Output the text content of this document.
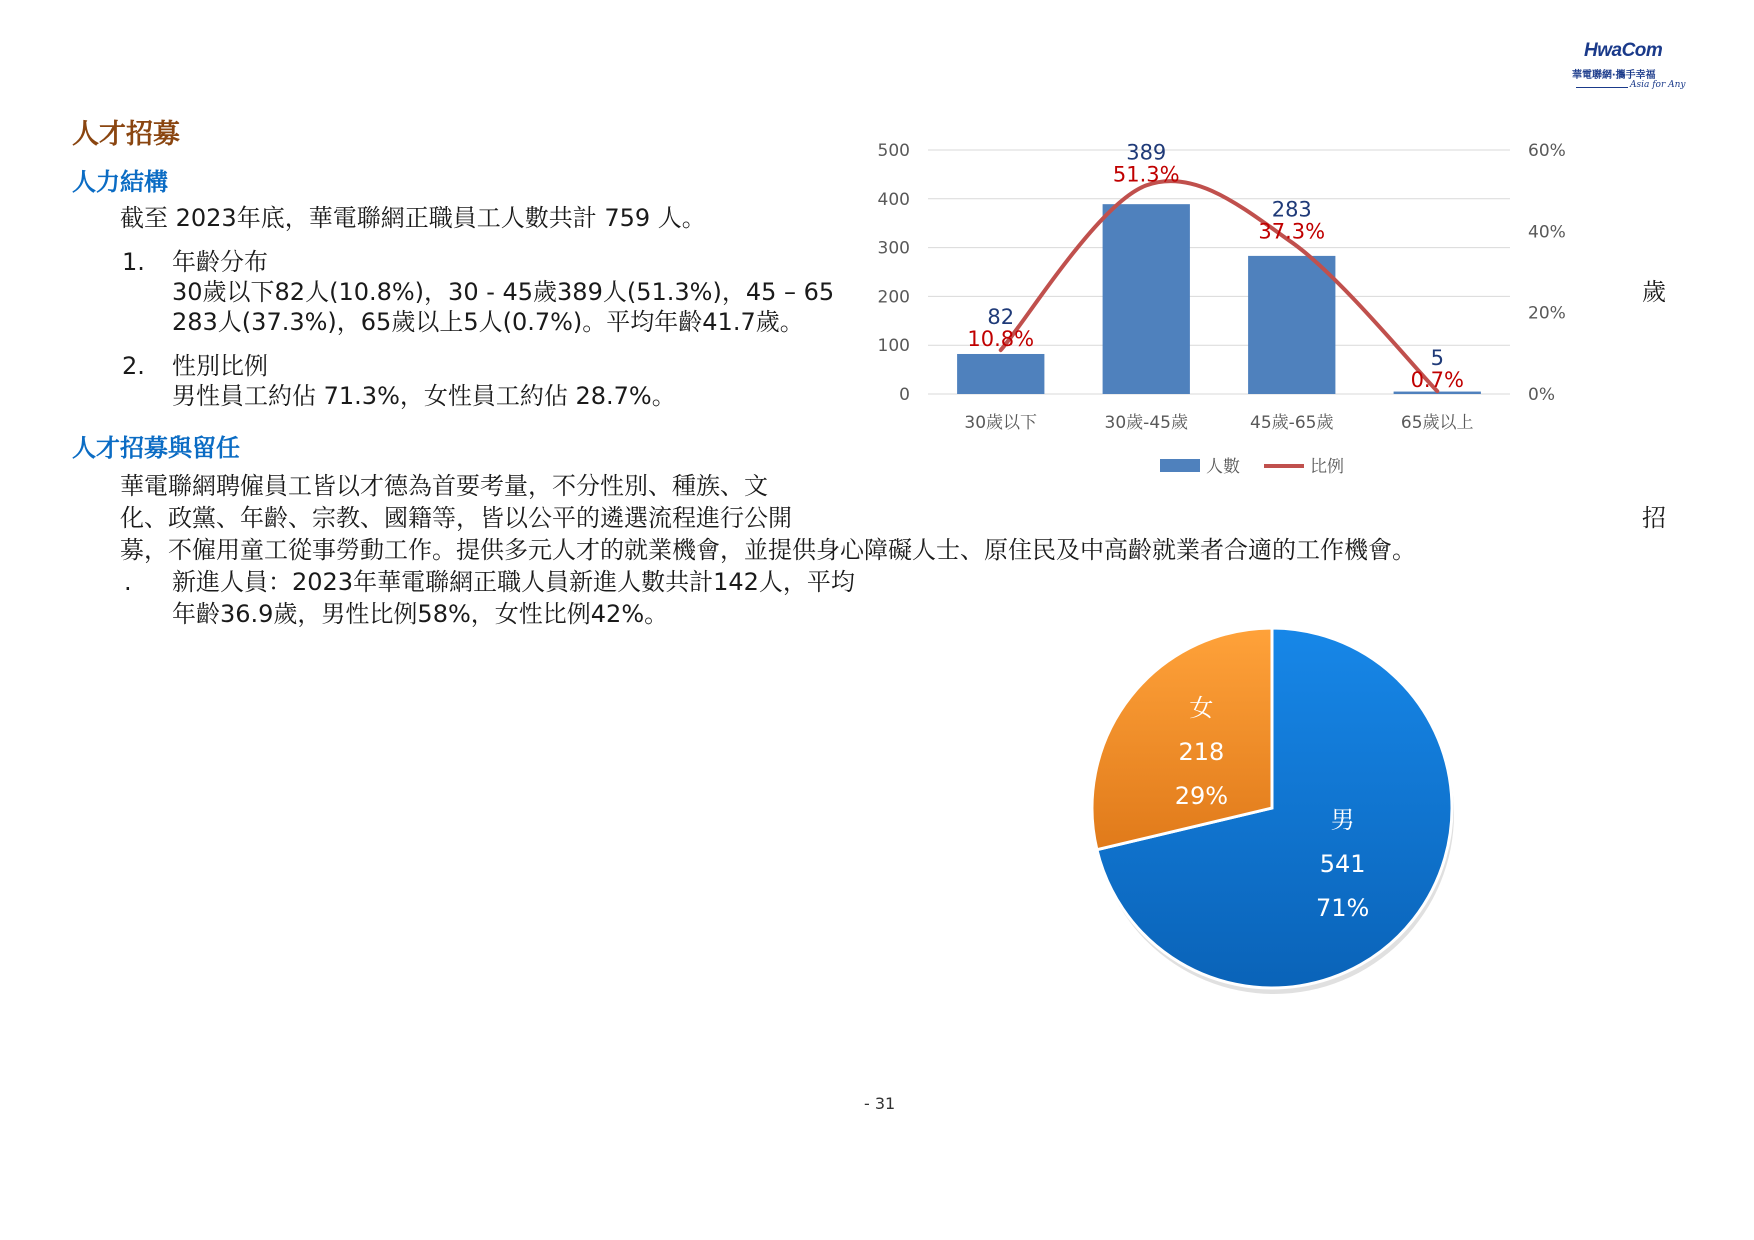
HwaCom
華電聯網‧攜手幸福
Asia for Any
人才招募
人力結構
截至 2023年底，華電聯網正職員工人數共計 759 人。
1. 年齡分布
30歲以下82人(10.8%)，30 - 45歲389人(51.3%)，45 – 65	歲
283人(37.3%)，65歲以上5人(0.7%)。平均年齡41.7歲。
2. 性別比例
男性員工約佔 71.3%，女性員工約佔 28.7%。
人才招募與留任
華電聯網聘僱員工皆以才德為首要考量，不分性別、種族、文
化、政黨、年齡、宗教、國籍等，皆以公平的遴選流程進行公開	招
募，不僱用童工從事勞動工作。提供多元人才的就業機會，並提供身心障礙人士、原住民及中高齡就業者合適的工作機會。
. 新進人員：2023年華電聯網正職人員新進人數共計142人，平均
年齡36.9歲，男性比例58%，女性比例42%。
0
100
200
300
400
500
0%
20%
40%
60%
82
10.8%
389
51.3%
283
37.3%
5
0.7%
30歲以下	30歲-45歲	45歲-65歲	65歲以上
人數	比例
男
541
71%
女
218
29%
- 31
